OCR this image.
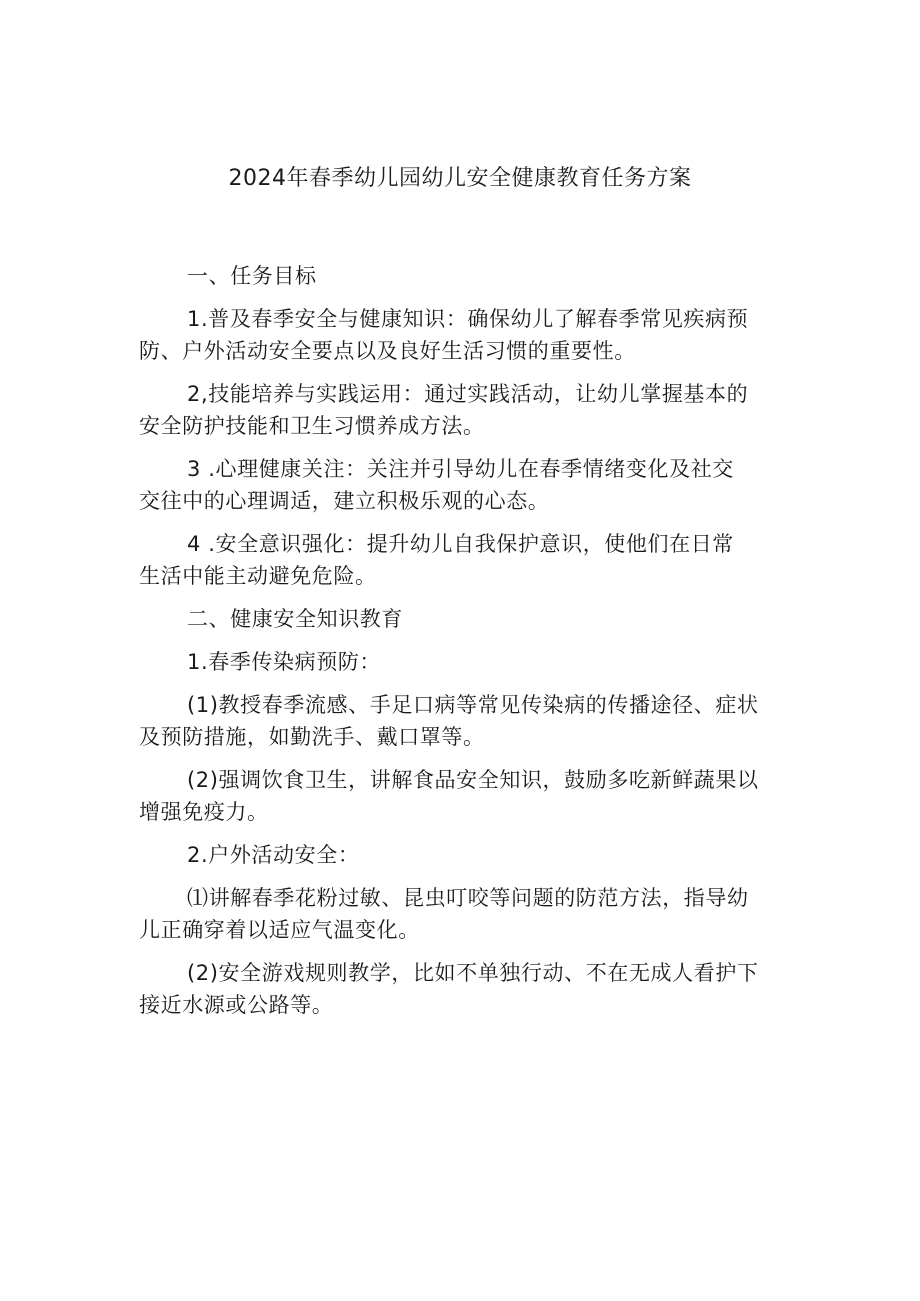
2024年春季幼儿园幼儿安全健康教育任务方案
一、任务目标
1.普及春季安全与健康知识：确保幼儿了解春季常见疾病预
防、户外活动安全要点以及良好生活习惯的重要性。
2,技能培养与实践运用：通过实践活动，让幼儿掌握基本的
安全防护技能和卫生习惯养成方法。
3 .心理健康关注：关注并引导幼儿在春季情绪变化及社交
交往中的心理调适，建立积极乐观的心态。
4 .安全意识强化：提升幼儿自我保护意识，使他们在日常
生活中能主动避免危险。
二、健康安全知识教育
1.春季传染病预防：
(1)教授春季流感、手足口病等常见传染病的传播途径、症状
及预防措施，如勤洗手、戴口罩等。
(2)强调饮食卫生，讲解食品安全知识，鼓励多吃新鲜蔬果以
增强免疫力。
2.户外活动安全：
⑴讲解春季花粉过敏、昆虫叮咬等问题的防范方法，指导幼
儿正确穿着以适应气温变化。
(2)安全游戏规则教学，比如不单独行动、不在无成人看护下
接近水源或公路等。
